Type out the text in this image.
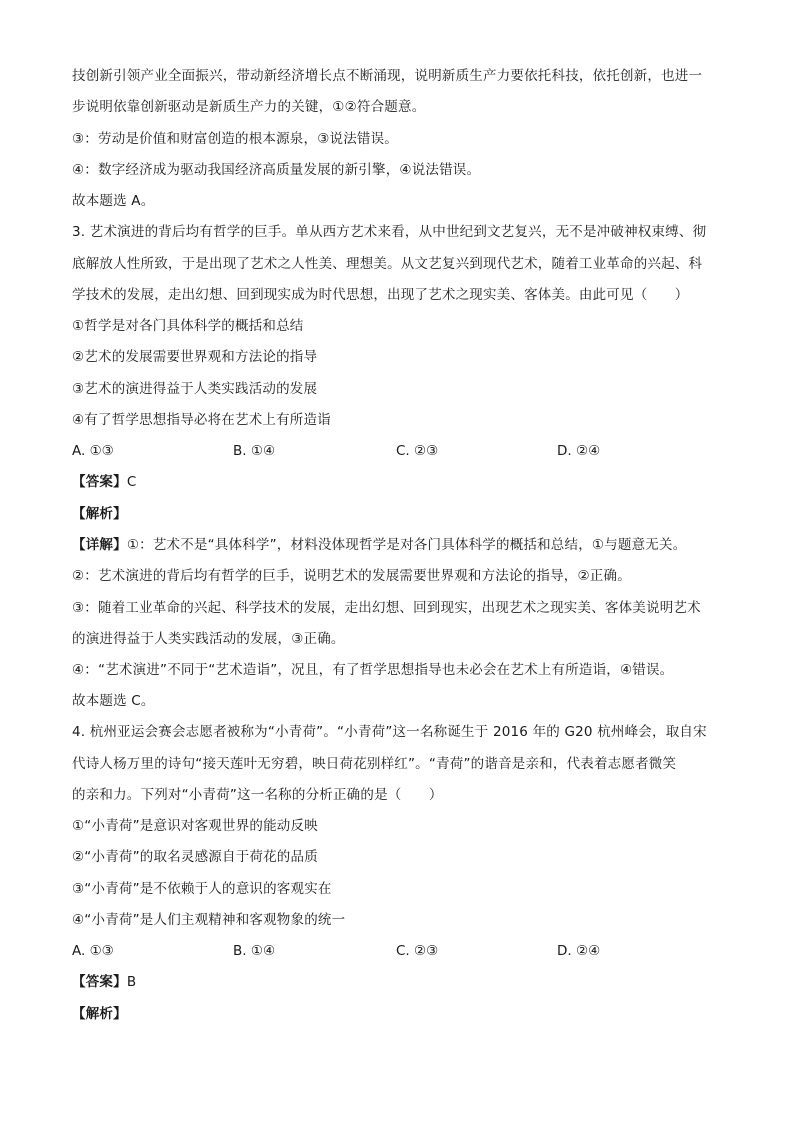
技创新引领产业全面振兴，带动新经济增长点不断涌现，说明新质生产力要依托科技，依托创新，也进一
步说明依靠创新驱动是新质生产力的关键，①②符合题意。
③：劳动是价值和财富创造的根本源泉，③说法错误。
④：数字经济成为驱动我国经济高质量发展的新引擎，④说法错误。
故本题选 A。
3. 艺术演进的背后均有哲学的巨手。单从西方艺术来看，从中世纪到文艺复兴，无不是冲破神权束缚、彻
底解放人性所致，于是出现了艺术之人性美、理想美。从文艺复兴到现代艺术，随着工业革命的兴起、科
学技术的发展，走出幻想、回到现实成为时代思想，出现了艺术之现实美、客体美。由此可见（　　）
①哲学是对各门具体科学的概括和总结
②艺术的发展需要世界观和方法论的指导
③艺术的演进得益于人类实践活动的发展
④有了哲学思想指导必将在艺术上有所造诣
A. ①③	B. ①④	C. ②③	D. ②④
【答案】C
【解析】
【详解】①：艺术不是“具体科学”，材料没体现哲学是对各门具体科学的概括和总结，①与题意无关。
②：艺术演进的背后均有哲学的巨手，说明艺术的发展需要世界观和方法论的指导，②正确。
③：随着工业革命的兴起、科学技术的发展，走出幻想、回到现实，出现艺术之现实美、客体美说明艺术
的演进得益于人类实践活动的发展，③正确。
④：“艺术演进”不同于“艺术造诣”，况且，有了哲学思想指导也未必会在艺术上有所造诣，④错误。
故本题选 C。
4. 杭州亚运会赛会志愿者被称为“小青荷”。“小青荷”这一名称诞生于 2016 年的 G20 杭州峰会，取自宋
代诗人杨万里的诗句“接天莲叶无穷碧，映日荷花别样红”。“青荷”的谐音是亲和，代表着志愿者微笑
的亲和力。下列对“小青荷”这一名称的分析正确的是（　　）
①“小青荷”是意识对客观世界的能动反映
②“小青荷”的取名灵感源自于荷花的品质
③“小青荷”是不依赖于人的意识的客观实在
④“小青荷”是人们主观精神和客观物象的统一
A. ①③	B. ①④	C. ②③	D. ②④
【答案】B
【解析】
